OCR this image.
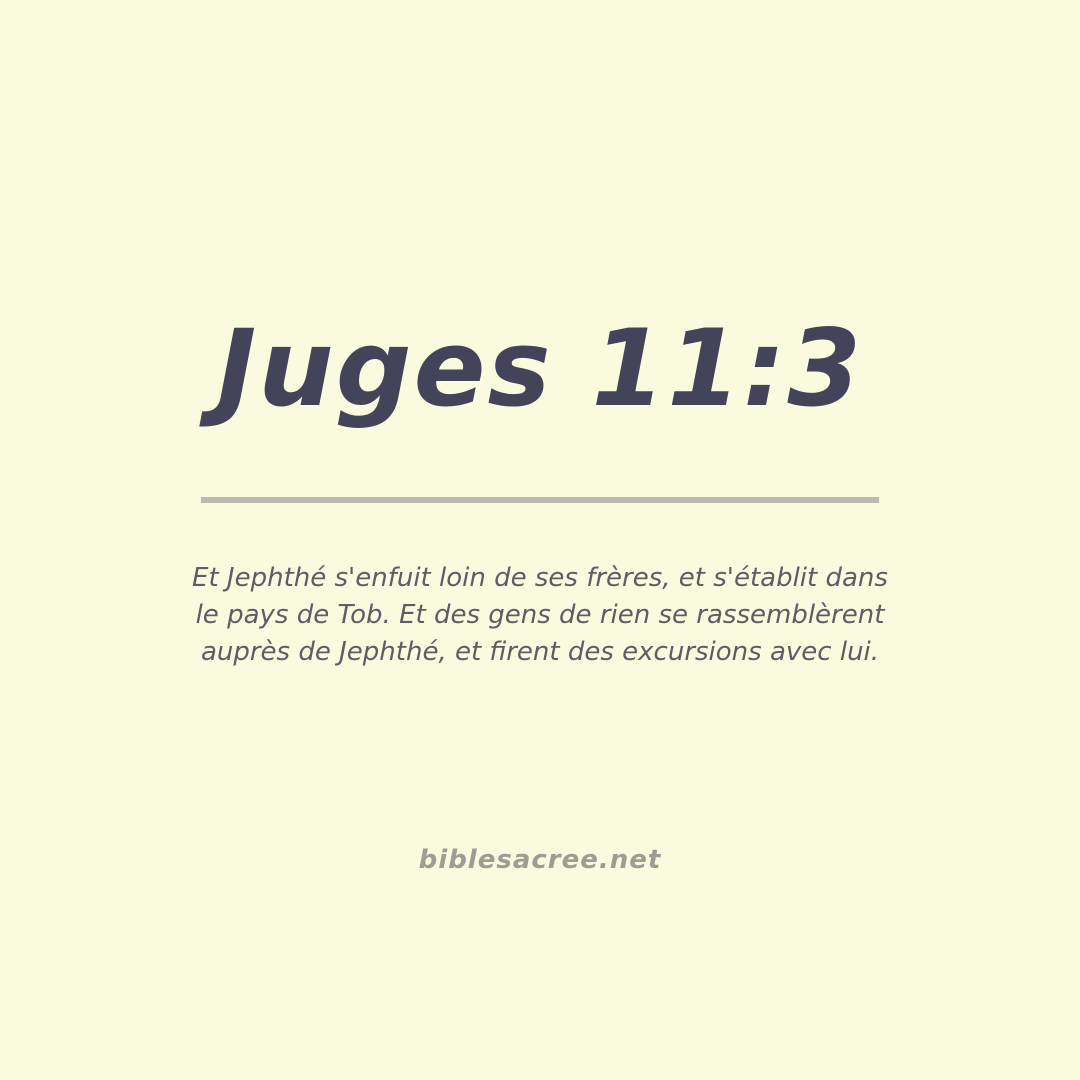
Juges 11:3

Et Jephthé s'enfuit loin de ses frères, et s'établit dans
le pays de Tob. Et des gens de rien se rassemblèrent
auprès de Jephthé, et firent des excursions avec lui.

biblesacree.net
